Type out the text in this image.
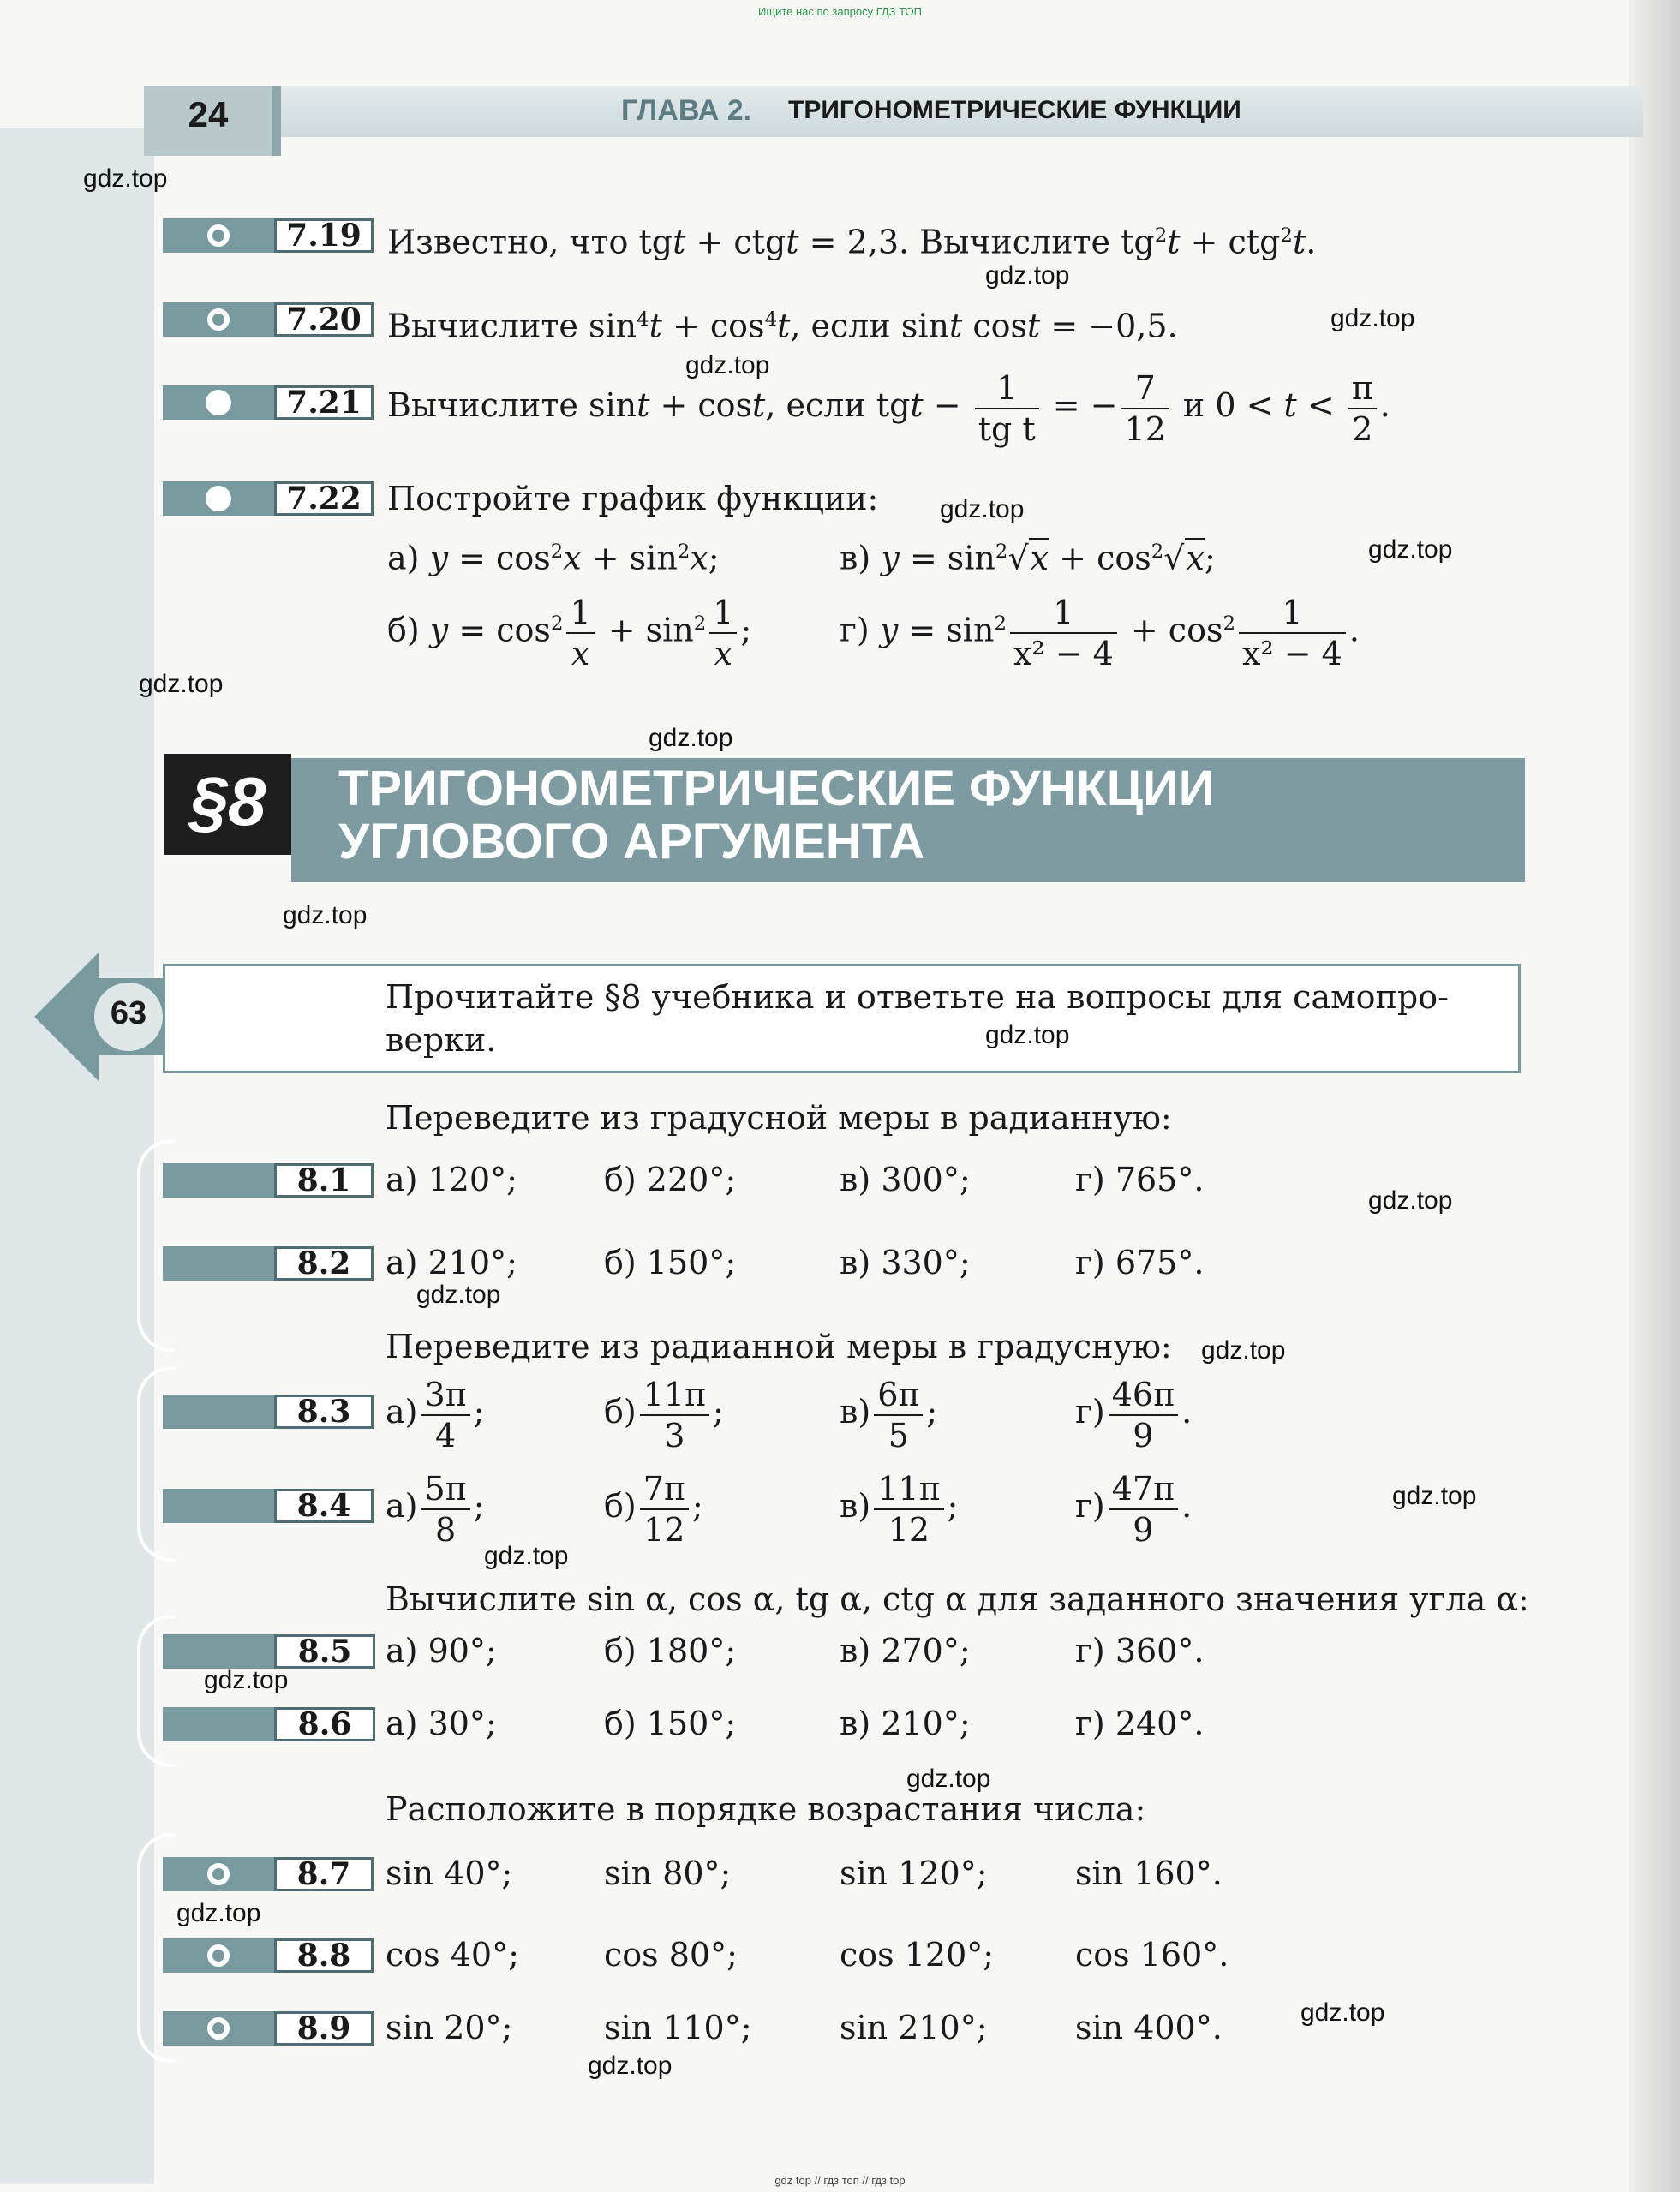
Ищите нас по запросу ГДЗ ТОП
gdz top // гдз топ // гдз top
24	ГЛАВА 2. ТРИГОНОМЕТРИЧЕСКИЕ ФУНКЦИИ
7.19 Известно, что tgt + ctgt = 2,3. Вычислите $tg^2t + ctg^2t$.
7.20 Вычислите $\sin^4t + \cos^4t$, если sint cost = −0,5.
7.21 Вычислите sint + cost, если tgt − $\frac{1}{\text{tg t}}$ = − $\frac{7}{12}$ и $0 < t < \frac{\pi}{2}$ .
7.22 Постройте график функции:
а) $y = \cos^2x + \sin^2x$;	в) $y = \sin^2√x + \cos^2√x$;
б) $y = \cos^2 \frac{1}{x} + \sin^2 \frac{1}{x}$ ;	г) $y = \sin^2 \frac{1}{\text{x² − 4}} + \cos^2 \frac{1}{\text{x² − 4}}$ .
§8	ТРИГОНОМЕТРИЧЕСКИЕ ФУНКЦИИ
УГЛОВОГО АРГУМЕНТА
63	Прочитайте §8 учебника и ответьте на вопросы для самопро-
верки.
Переведите из градусной меры в радианную:
8.1	а) 120°;	б) 220°;	в) 300°;	г) 765°.
8.2	а) 210°;	б) 150°;	в) 330°;	г) 675°.
Переведите из радианной меры в градусную:
8.3	$а) \frac{3\pi}{4}$ ;	$б) \frac{11\pi}{3}$ ;	$в) \frac{6\pi}{5}$ ;	$г) \frac{46\pi}{9}$ .
8.4	$а) \frac{5\pi}{8}$ ;	$б) \frac{7\pi}{12}$ ;	$в) \frac{11\pi}{12}$ ;	$г) \frac{47\pi}{9}$ .
Вычислите sin α, cos α, tg α, ctg α для заданного значения угла α:
8.5	а) 90°;	б) 180°;	в) 270°;	г) 360°.
8.6	а) 30°;	б) 150°;	в) 210°;	г) 240°.
Расположите в порядке возрастания числа:
8.7	sin 40°;	sin 80°;	sin 120°;	sin 160°.
8.8	cos 40°;	cos 80°;	cos 120°; cos 160°.
8.9	sin 20°;	sin 110°;	sin 210°;	sin 400°.
gdz.top
gdz.top
gdz.top
gdz.top
gdz.top
gdz.top
gdz.top
gdz.top
gdz.top
gdz.top
gdz.top
gdz.top
gdz.top
gdz.top
gdz.top
gdz.top
gdz.top
gdz.top
gdz.top
gdz.top
